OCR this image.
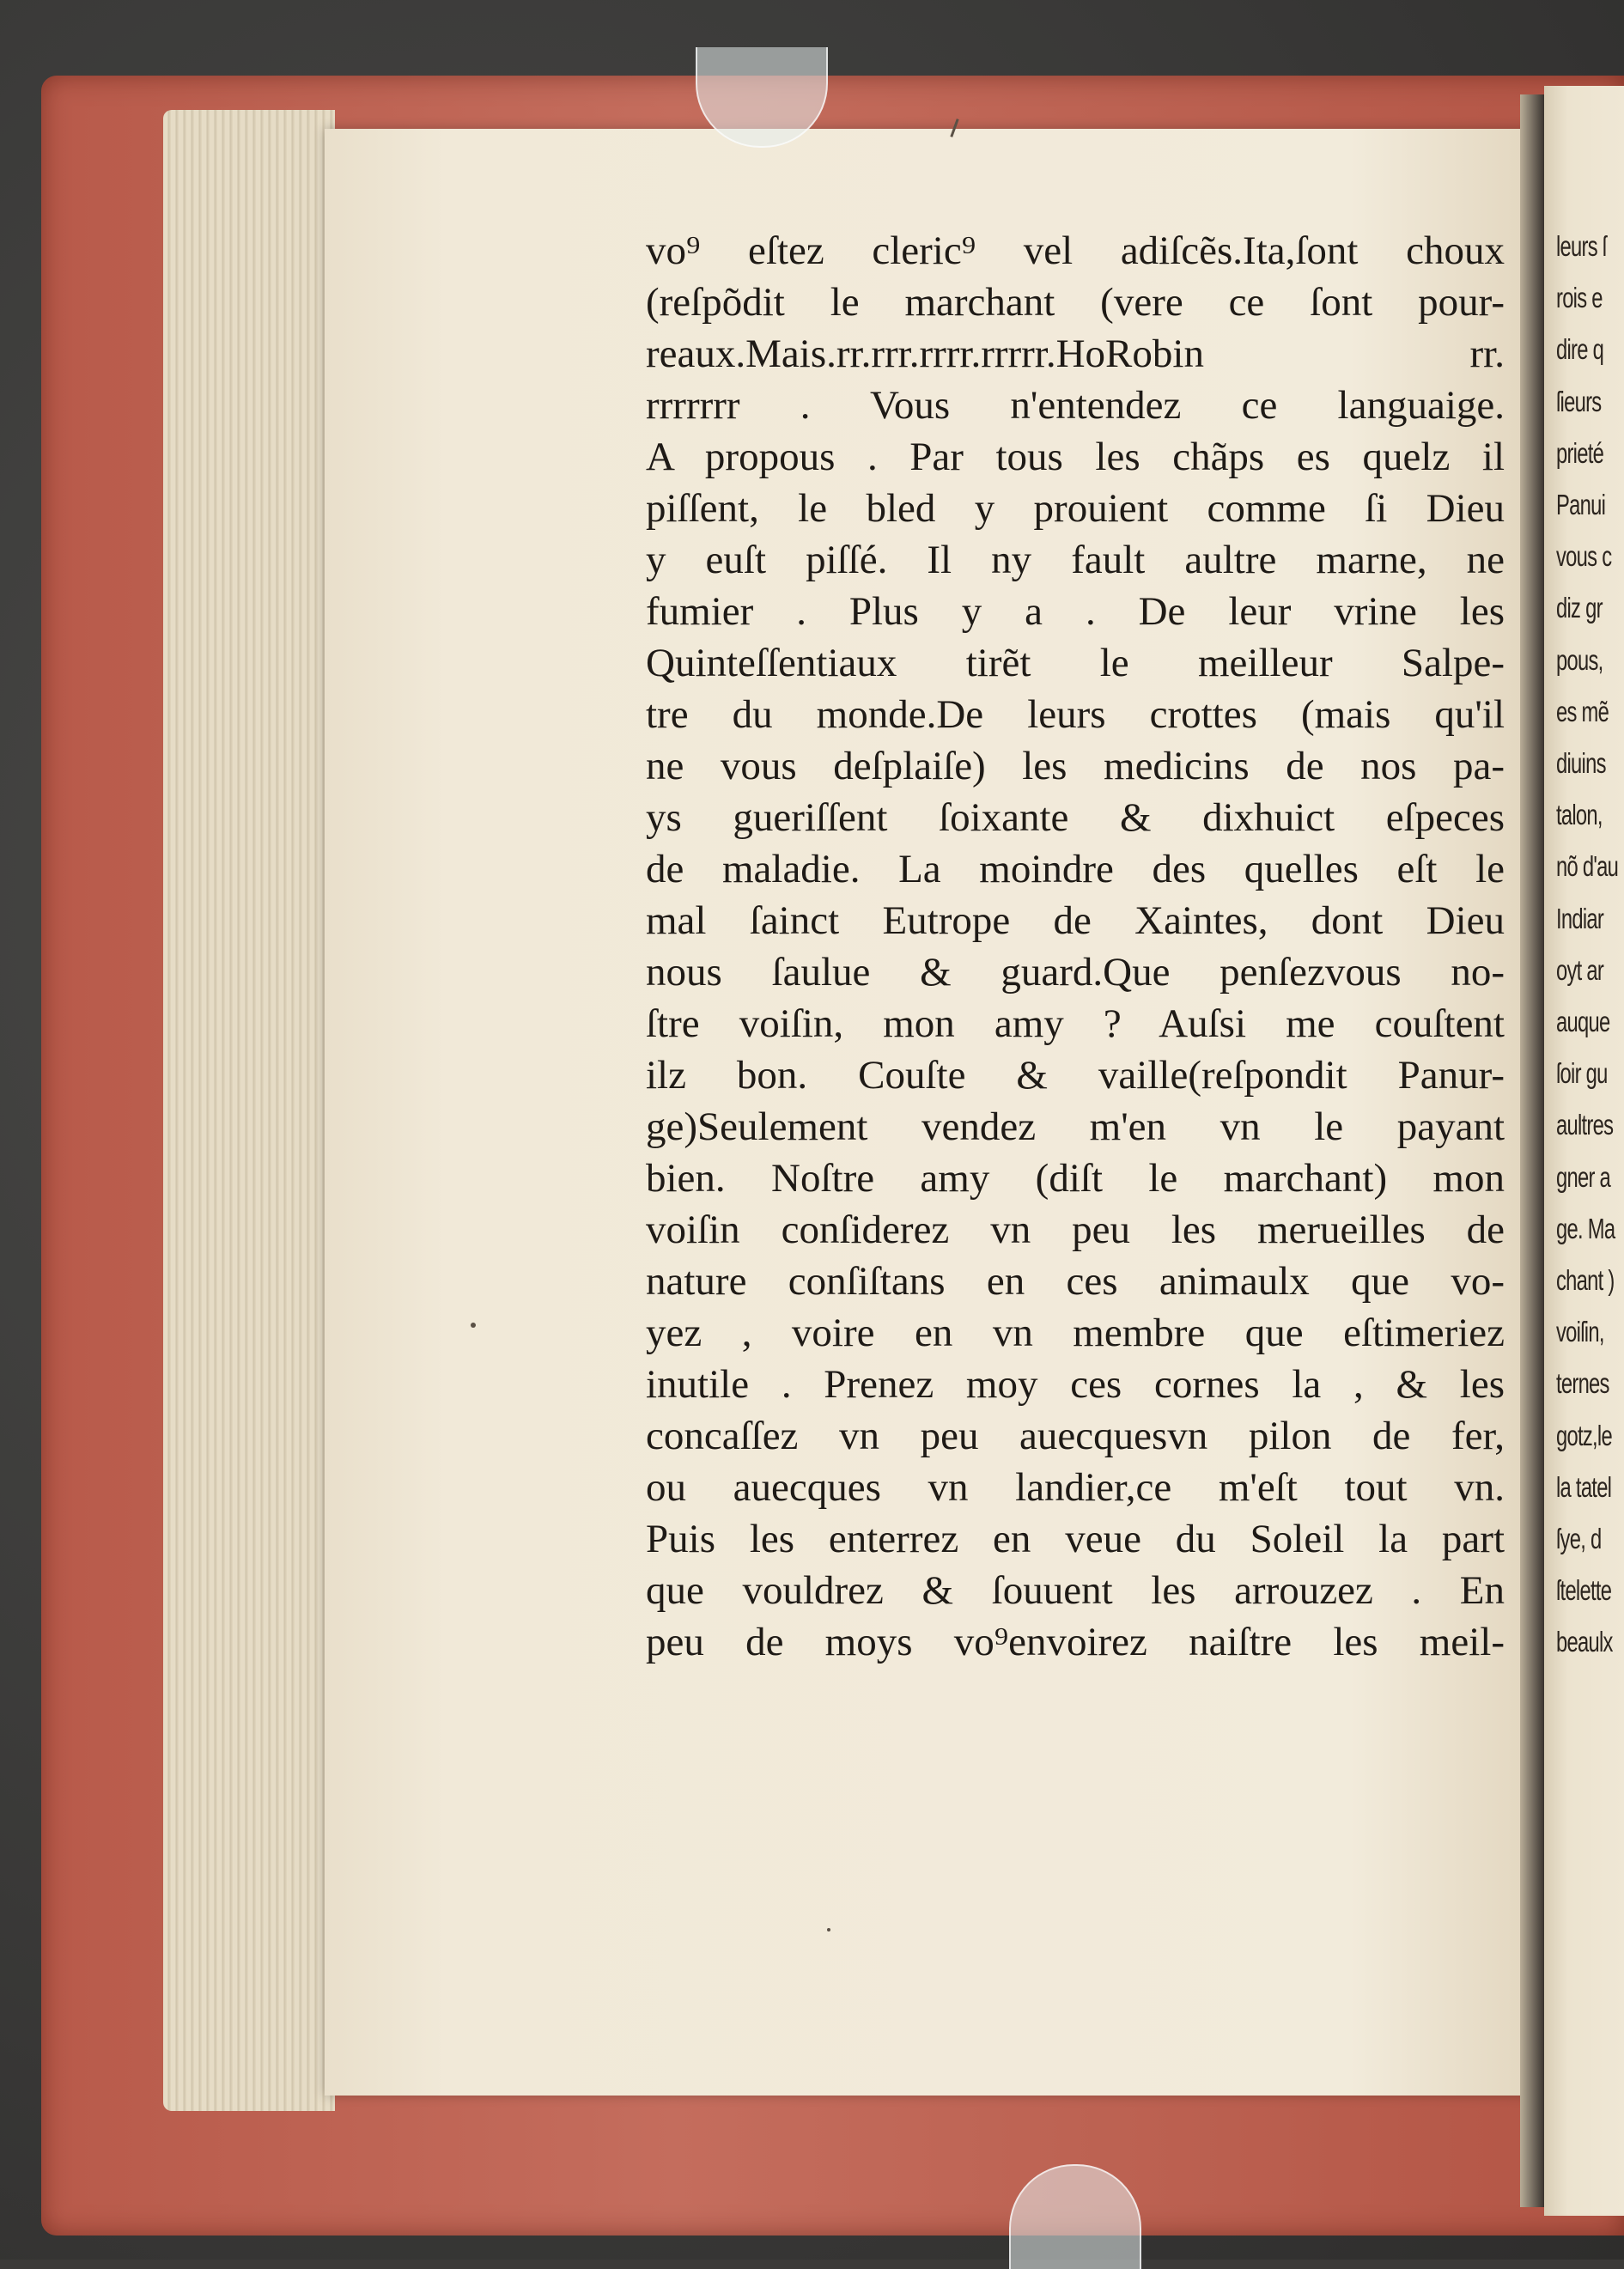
vo⁹ eſtez cleric⁹ vel adiſcẽs.Ita,ſont choux
(reſpõdit le marchant (vere ce ſont pour-
reaux.Mais.rr.rrr.rrrr.rrrrr.HoRobin rr.
rrrrrrr . Vous n'entendez ce languaige.
A propous . Par tous les chãps es quelz il
piſſent, le bled y prouient comme ſi Dieu
y euſt piſſé. Il ny fault aultre marne, ne
fumier . Plus y a . De leur vrine les
Quinteſſentiaux tirẽt le meilleur Salpe-
tre du monde.De leurs crottes (mais qu'il
ne vous deſplaiſe) les medicins de nos pa-
ys gueriſſent ſoixante & dixhuict eſpeces
de maladie. La moindre des quelles eſt le
mal ſainct Eutrope de Xaintes, dont Dieu
nous ſaulue & guard.Que penſezvous no-
ſtre voiſin, mon amy ? Auſsi me couſtent
ilz bon. Couſte & vaille(reſpondit Panur-
ge)Seulement vendez m'en vn le payant
bien. Noſtre amy (diſt le marchant) mon
voiſin conſiderez vn peu les merueilles de
nature conſiſtans en ces animaulx que vo-
yez , voire en vn membre que eſtimeriez
inutile . Prenez moy ces cornes la , & les
concaſſez vn peu auecquesvn pilon de fer,
ou auecques vn landier,ce m'eſt tout vn.
Puis les enterrez en veue du Soleil la part
que vouldrez & ſouuent les arrouzez . En
peu de moys vo⁹envoirez naiſtre les meil-
leurs ſ
rois e
dire q
ſieurs
prieté
Panui
vous c
diz gr
pous,
es mẽ
diuins
talon,
nõ d'au
Indiar
oyt ar
auque
ſoir gu
aultres
gner a
ge. Ma
chant )
voiſin,
ternes
gotz,le
la tatel
ſye, d
ſtelette
beaulx
